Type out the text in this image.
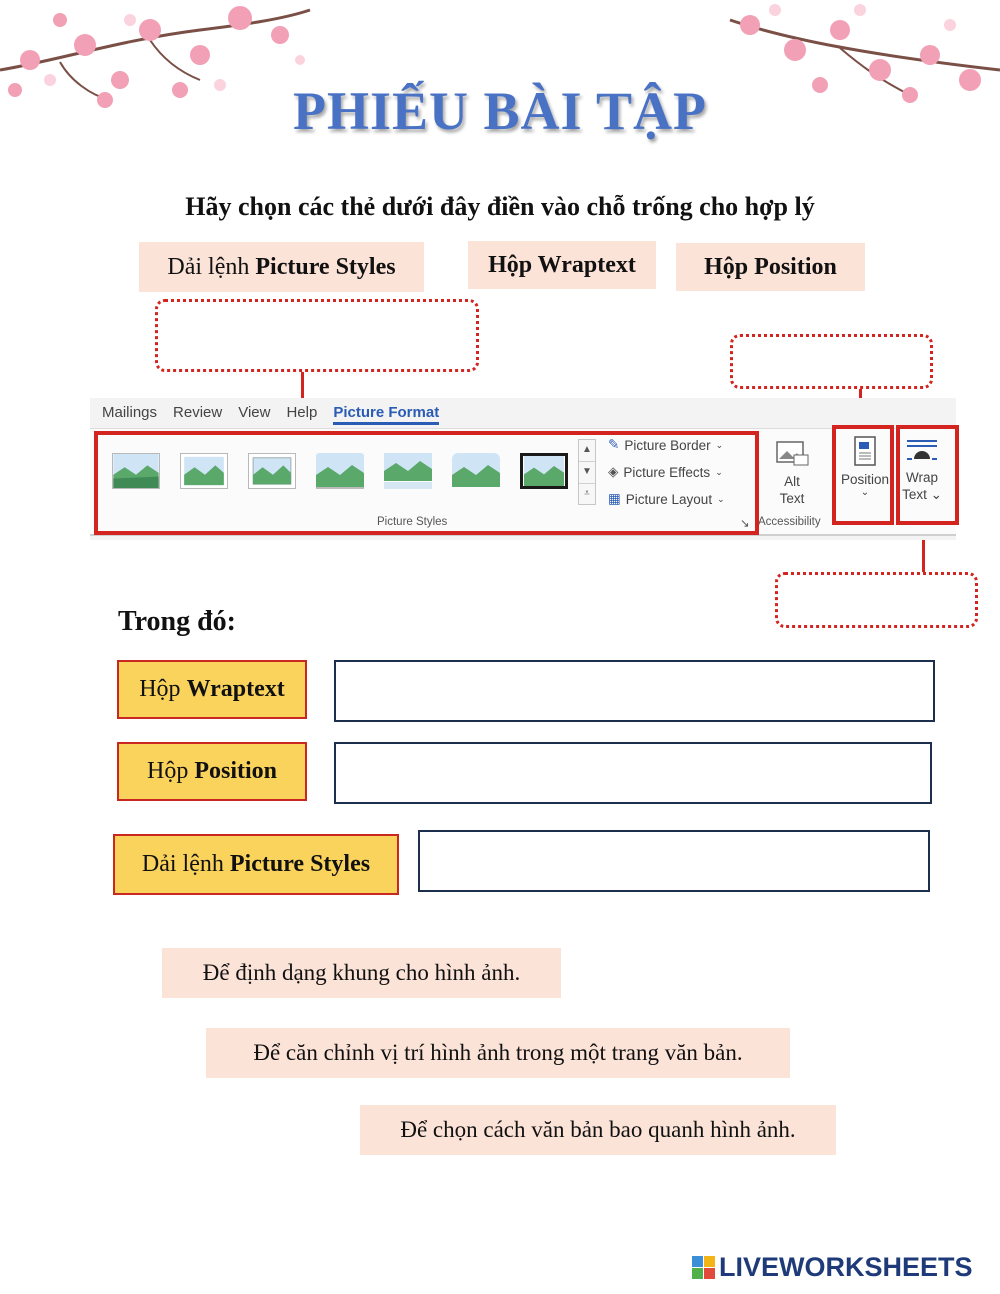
PHIẾU BÀI TẬP
Hãy chọn các thẻ dưới đây điền vào chỗ trống cho hợp lý
Dải lệnh Picture Styles	Hộp Wraptext	Hộp Position
Mailings Review View Help Picture Format
▲
▼
⩡
✎ Picture Border ⌄
◈ Picture Effects ⌄
▦ Picture Layout ⌄
Picture Styles	↘
Alt
Text
Accessibility
Position
⌄
Wrap
Text ⌄
Trong đó:
Hộp Wraptext
Hộp Position
Dải lệnh Picture Styles
Để định dạng khung cho hình ảnh.
Để căn chỉnh vị trí hình ảnh trong một trang văn bản.
Để chọn cách văn bản bao quanh hình ảnh.
LIVEWORKSHEETS
